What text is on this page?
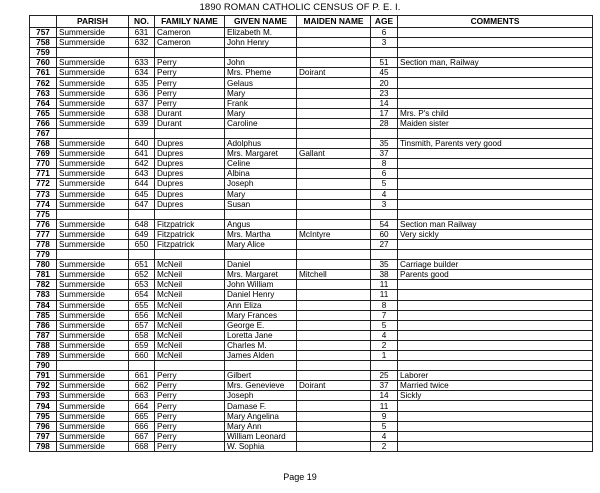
1890 ROMAN CATHOLIC CENSUS OF P. E. I.
	PARISH	NO.	FAMILY NAME	GIVEN NAME	MAIDEN NAME	AGE	COMMENTS
757	Summerside	631	Cameron	Elizabeth M.		6	
758	Summerside	632	Cameron	John Henry		3	
759							
760	Summerside	633	Perry	John		51	Section man, Railway
761	Summerside	634	Perry	Mrs. Pheme	Doirant	45	
762	Summerside	635	Perry	Gelaus		20	
763	Summerside	636	Perry	Mary		23	
764	Summerside	637	Perry	Frank		14	
765	Summerside	638	Durant	Mary		17	Mrs. P's child
766	Summerside	639	Durant	Caroline		28	Maiden sister
767							
768	Summerside	640	Dupres	Adolphus		35	Tinsmith, Parents very good
769	Summerside	641	Dupres	Mrs. Margaret	Gallant	37	
770	Summerside	642	Dupres	Celine		8	
771	Summerside	643	Dupres	Albina		6	
772	Summerside	644	Dupres	Joseph		5	
773	Summerside	645	Dupres	Mary		4	
774	Summerside	647	Dupres	Susan		3	
775							
776	Summerside	648	Fitzpatrick	Angus		54	Section man Railway
777	Summerside	649	Fitzpatrick	Mrs. Martha	McIntyre	60	Very sickly
778	Summerside	650	Fitzpatrick	Mary Alice		27	
779							
780	Summerside	651	McNeil	Daniel		35	Carriage builder
781	Summerside	652	McNeil	Mrs. Margaret	Mitchell	38	Parents good
782	Summerside	653	McNeil	John William		11	
783	Summerside	654	McNeil	Daniel Henry		11	
784	Summerside	655	McNeil	Ann Eliza		8	
785	Summerside	656	McNeil	Mary Frances		7	
786	Summerside	657	McNeil	George E.		5	
787	Summerside	658	McNeil	Loretta Jane		4	
788	Summerside	659	McNeil	Charles M.		2	
789	Summerside	660	McNeil	James Alden		1	
790							
791	Summerside	661	Perry	Gilbert		25	Laborer
792	Summerside	662	Perry	Mrs. Genevieve	Doirant	37	Married twice
793	Summerside	663	Perry	Joseph		14	Sickly
794	Summerside	664	Perry	Damase F.		11	
795	Summerside	665	Perry	Mary Angelina		9	
796	Summerside	666	Perry	Mary Ann		5	
797	Summerside	667	Perry	William Leonard		4	
798	Summerside	668	Perry	W. Sophia		2	
Page 19
